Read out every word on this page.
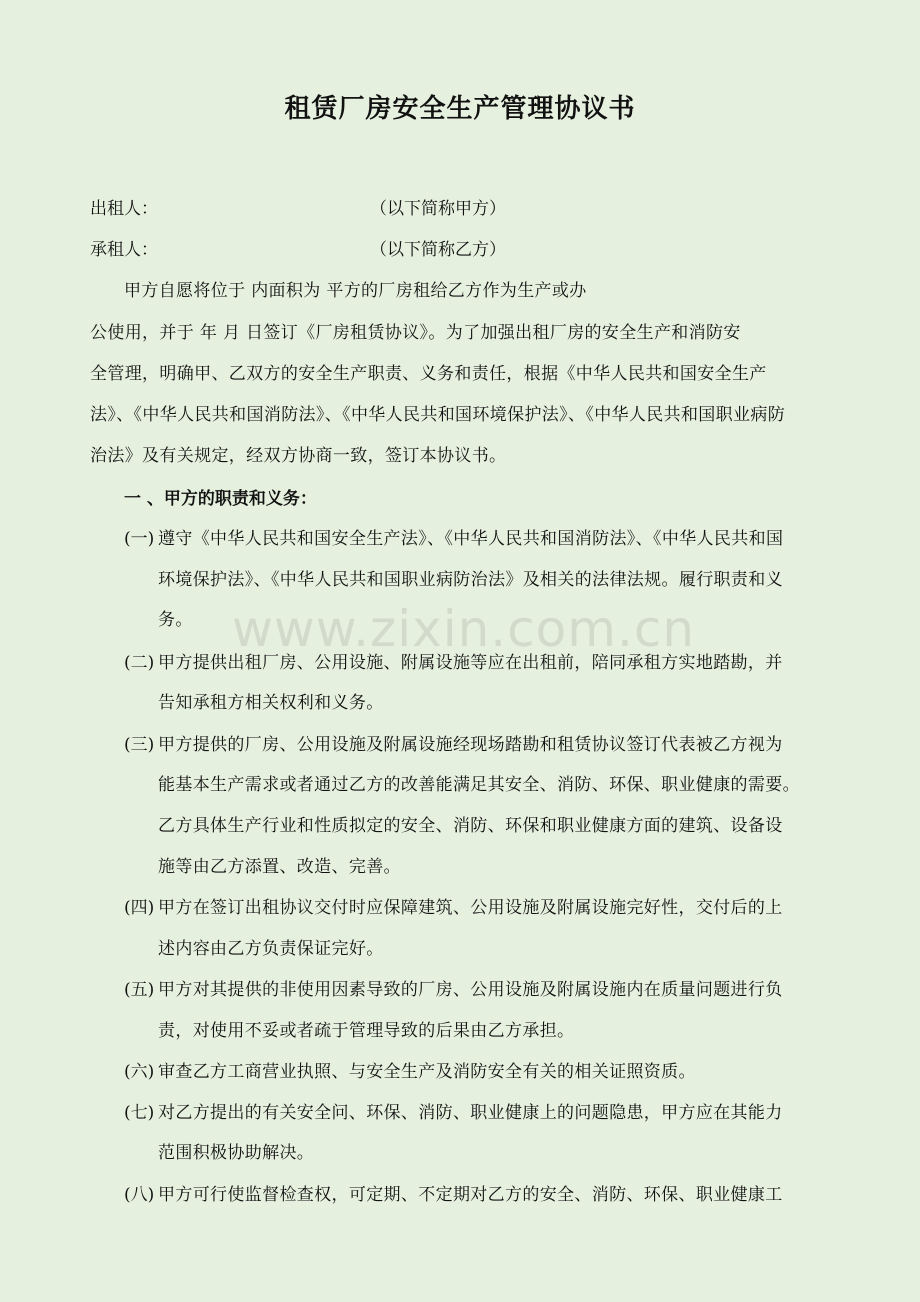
租赁厂房安全生产管理协议书
出租人：	（以下简称甲方）
承租人：	（以下简称乙方）
甲方自愿将位于 内面积为 平方的厂房租给乙方作为生产或办
公使用，并于 年 月 日签订《厂房租赁协议》。为了加强出租厂房的安全生产和消防安
全管理，明确甲、乙双方的安全生产职责、义务和责任，根据《中华人民共和国安全生产
法》、《中华人民共和国消防法》、《中华人民共和国环境保护法》、《中华人民共和国职业病防
治法》及有关规定，经双方协商一致，签订本协议书。
一 、甲方的职责和义务：
(一) 遵守《中华人民共和国安全生产法》、《中华人民共和国消防法》、《中华人民共和国
环境保护法》、《中华人民共和国职业病防治法》及相关的法律法规。履行职责和义
务。
(二) 甲方提供出租厂房、公用设施、附属设施等应在出租前，陪同承租方实地踏勘，并
告知承租方相关权利和义务。
(三) 甲方提供的厂房、公用设施及附属设施经现场踏勘和租赁协议签订代表被乙方视为
能基本生产需求或者通过乙方的改善能满足其安全、消防、环保、职业健康的需要。
乙方具体生产行业和性质拟定的安全、消防、环保和职业健康方面的建筑、设备设
施等由乙方添置、改造、完善。
(四) 甲方在签订出租协议交付时应保障建筑、公用设施及附属设施完好性，交付后的上
述内容由乙方负责保证完好。
(五) 甲方对其提供的非使用因素导致的厂房、公用设施及附属设施内在质量问题进行负
责，对使用不妥或者疏于管理导致的后果由乙方承担。
(六) 审查乙方工商营业执照、与安全生产及消防安全有关的相关证照资质。
(七) 对乙方提出的有关安全问、环保、消防、职业健康上的问题隐患，甲方应在其能力
范围积极协助解决。
(八) 甲方可行使监督检查权，可定期、不定期对乙方的安全、消防、环保、职业健康工
www.zixin.com.cn
